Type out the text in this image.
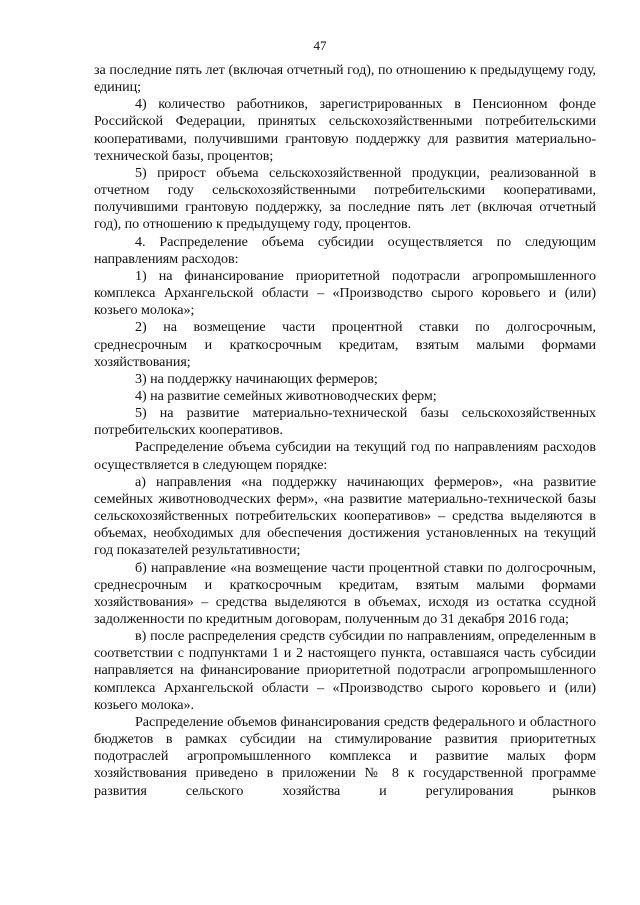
47

за последние пять лет (включая отчетный год), по отношению к предыдущему году, единиц;

4) количество работников, зарегистрированных в Пенсионном фонде Российской Федерации, принятых сельскохозяйственными потребительскими кооперативами, получившими грантовую поддержку для развития материально-технической базы, процентов;

5) прирост объема сельскохозяйственной продукции, реализованной в отчетном году сельскохозяйственными потребительскими кооперативами, получившими грантовую поддержку, за последние пять лет (включая отчетный год), по отношению к предыдущему году, процентов.

4. Распределение объема субсидии осуществляется по следующим направлениям расходов:

1) на финансирование приоритетной подотрасли агропромышленного комплекса Архангельской области – «Производство сырого коровьего и (или) козьего молока»;

2) на возмещение части процентной ставки по долгосрочным, среднесрочным и краткосрочным кредитам, взятым малыми формами хозяйствования;

3) на поддержку начинающих фермеров;

4) на развитие семейных животноводческих ферм;

5) на развитие материально-технической базы сельскохозяйственных потребительских кооперативов.

Распределение объема субсидии на текущий год по направлениям расходов осуществляется в следующем порядке:

а) направления «на поддержку начинающих фермеров», «на развитие семейных животноводческих ферм», «на развитие материально-технической базы сельскохозяйственных потребительских кооперативов» – средства выделяются в объемах, необходимых для обеспечения достижения установленных на текущий год показателей результативности;

б) направление «на возмещение части процентной ставки по долгосрочным, среднесрочным и краткосрочным кредитам, взятым малыми формами хозяйствования» – средства выделяются в объемах, исходя из остатка ссудной задолженности по кредитным договорам, полученным до 31 декабря 2016 года;

в) после распределения средств субсидии по направлениям, определенным в соответствии с подпунктами 1 и 2 настоящего пункта, оставшаяся часть субсидии направляется на финансирование приоритетной подотрасли агропромышленного комплекса Архангельской области – «Производство сырого коровьего и (или) козьего молока».

Распределение объемов финансирования средств федерального и областного бюджетов в рамках субсидии на стимулирование развития приоритетных подотраслей агропромышленного комплекса и развитие малых форм хозяйствования приведено в приложении № 8 к государственной программе развития сельского хозяйства и регулирования рынков
